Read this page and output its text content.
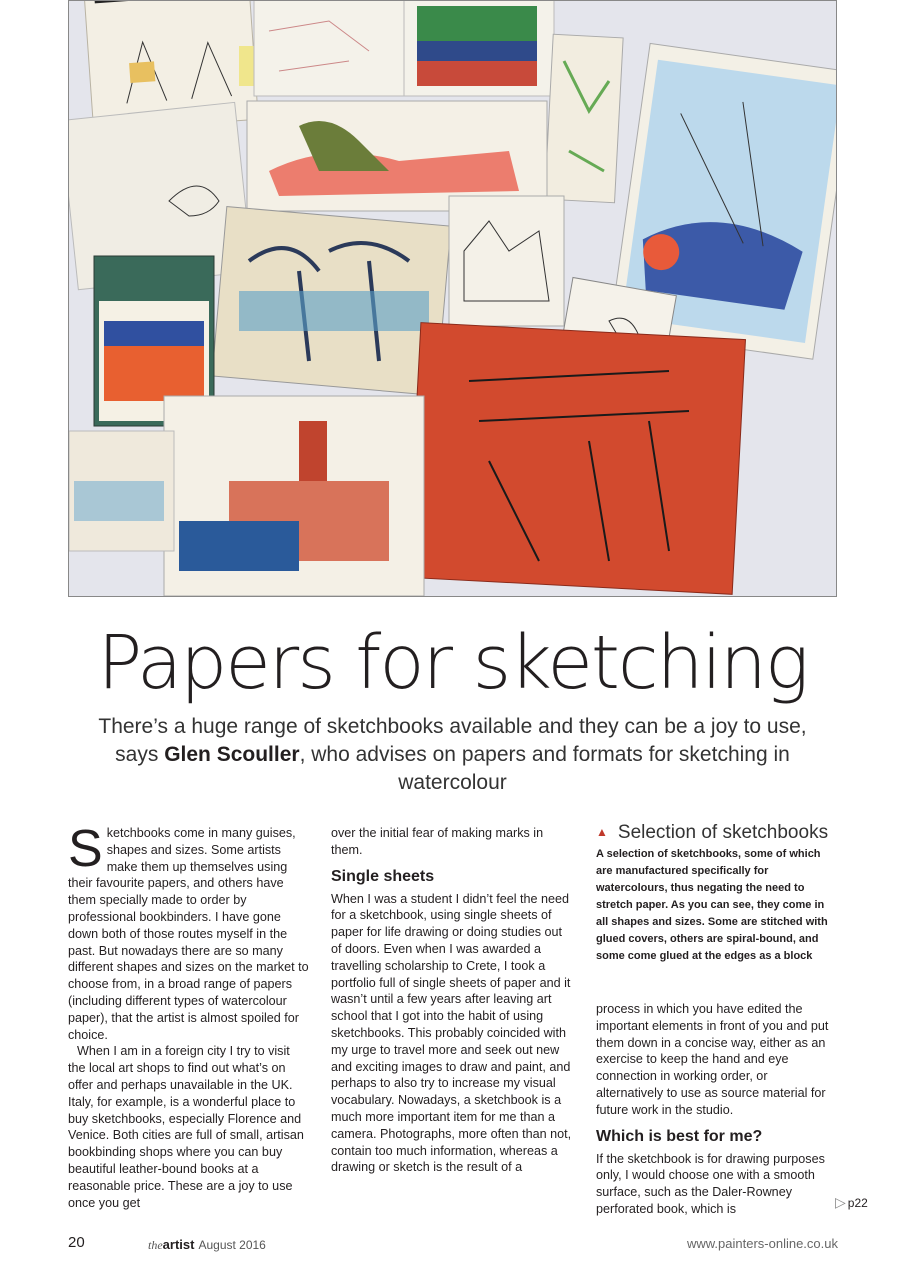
Papers for sketching

There’s a huge range of sketchbooks available and they can be a joy to use, says Glen Scouller, who advises on papers and formats for sketching in watercolour

Sketchbooks come in many guises, shapes and sizes. Some artists make them up themselves using their favourite papers, and others have them specially made to order by professional bookbinders. I have gone down both of those routes myself in the past. But nowadays there are so many different shapes and sizes on the market to choose from, in a broad range of papers (including different types of watercolour paper), that the artist is almost spoiled for choice.

When I am in a foreign city I try to visit the local art shops to find out what’s on offer and perhaps unavailable in the UK. Italy, for example, is a wonderful place to buy sketchbooks, especially Florence and Venice. Both cities are full of small, artisan bookbinding shops where you can buy beautiful leather-bound books at a reasonable price. These are a joy to use once you get

over the initial fear of making marks in them.

Single sheets

When I was a student I didn’t feel the need for a sketchbook, using single sheets of paper for life drawing or doing studies out of doors. Even when I was awarded a travelling scholarship to Crete, I took a portfolio full of single sheets of paper and it wasn’t until a few years after leaving art school that I got into the habit of using sketchbooks. This probably coincided with my urge to travel more and seek out new and exciting images to draw and paint, and perhaps to also try to increase my visual vocabulary. Nowadays, a sketchbook is a much more important item for me than a camera. Photographs, more often than not, contain too much information, whereas a drawing or sketch is the result of a

▲ Selection of sketchbooks

A selection of sketchbooks, some of which are manufactured specifically for watercolours, thus negating the need to stretch paper. As you can see, they come in all shapes and sizes. Some are stitched with glued covers, others are spiral-bound, and some come glued at the edges as a block

process in which you have edited the important elements in front of you and put them down in a concise way, either as an exercise to keep the hand and eye connection in working order, or alternatively to use as source material for future work in the studio.

Which is best for me?

If the sketchbook is for drawing purposes only, I would choose one with a smooth surface, such as the Daler-Rowney perforated book, which is	▷ p22
20	theartist August 2016	www.painters-online.co.uk
